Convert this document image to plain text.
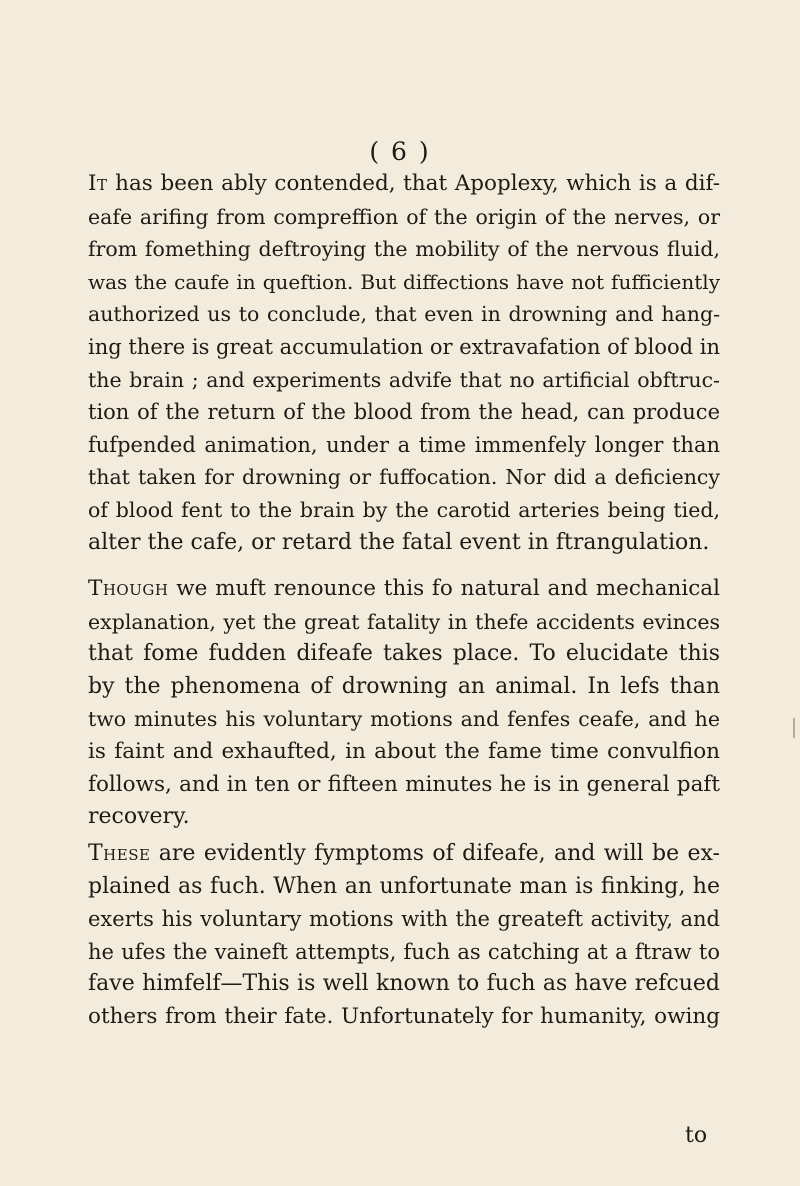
( 6 )
It has been ably contended, that Apoplexy, which is a dif-
eafe arifing from compreffion of the origin of the nerves, or
from fomething deftroying the mobility of the nervous fluid,
was the caufe in queftion. But diffections have not fufficiently
authorized us to conclude, that even in drowning and hang-
ing there is great accumulation or extravafation of blood in
the brain ; and experiments advife that no artificial obftruc-
tion of the return of the blood from the head, can produce
fufpended animation, under a time immenfely longer than
that taken for drowning or fuffocation. Nor did a deficiency
of blood fent to the brain by the carotid arteries being tied,
alter the cafe, or retard the fatal event in ftrangulation.
Though we muft renounce this fo natural and mechanical
explanation, yet the great fatality in thefe accidents evinces
that fome fudden difeafe takes place. To elucidate this
by the phenomena of drowning an animal. In lefs than
two minutes his voluntary motions and fenfes ceafe, and he
is faint and exhaufted, in about the fame time convulfion
follows, and in ten or fifteen minutes he is in general paft
recovery.
These are evidently fymptoms of difeafe, and will be ex-
plained as fuch. When an unfortunate man is finking, he
exerts his voluntary motions with the greateft activity, and
he ufes the vaineft attempts, fuch as catching at a ftraw to
fave himfelf—This is well known to fuch as have refcued
others from their fate. Unfortunately for humanity, owing
to
